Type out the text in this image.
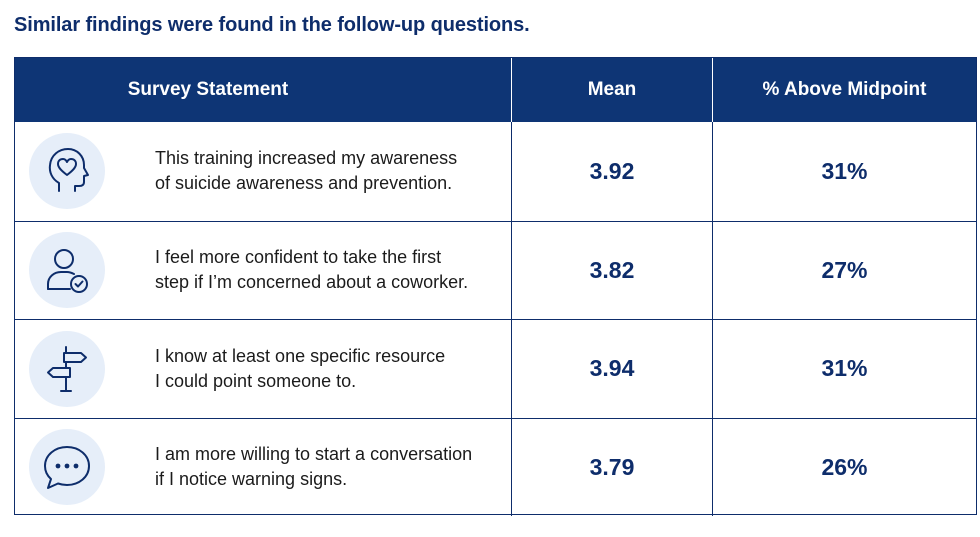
Similar findings were found in the follow-up questions.
Survey Statement	Mean	% Above Midpoint
This training increased my awareness
of suicide awareness and prevention.	3.92	31%
I feel more confident to take the first
step if I’m concerned about a coworker.	3.82	27%
I know at least one specific resource
I could point someone to.	3.94	31%
I am more willing to start a conversation
if I notice warning signs.	3.79	26%
